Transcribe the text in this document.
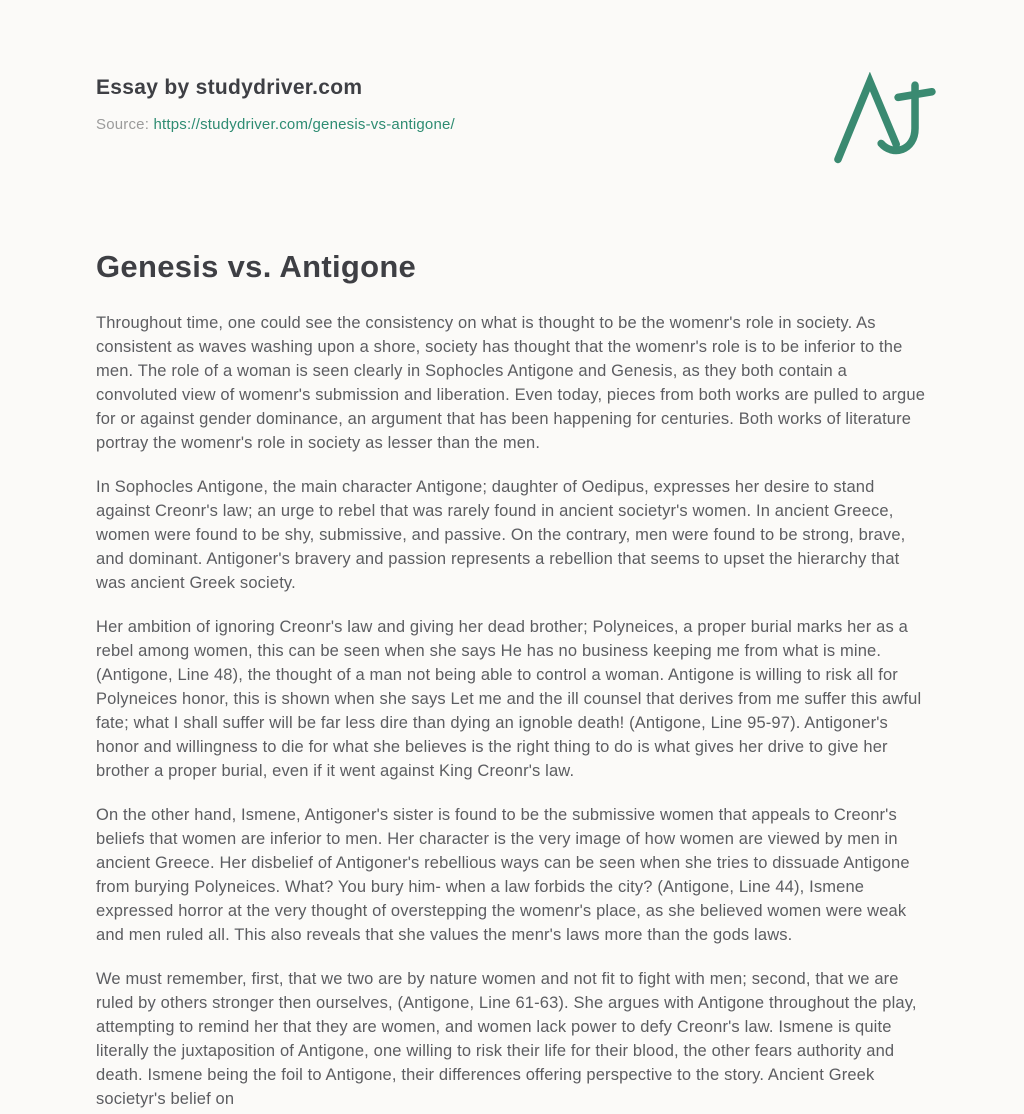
Essay by studydriver.com
Source: https://studydriver.com/genesis-vs-antigone/
Genesis vs. Antigone

Throughout time, one could see the consistency on what is thought to be the womenr's role in society. As consistent as waves washing upon a shore, society has thought that the womenr's role is to be inferior to the men. The role of a woman is seen clearly in Sophocles Antigone and Genesis, as they both contain a convoluted view of womenr's submission and liberation. Even today, pieces from both works are pulled to argue for or against gender dominance, an argument that has been happening for centuries. Both works of literature portray the womenr's role in society as lesser than the men.

In Sophocles Antigone, the main character Antigone; daughter of Oedipus, expresses her desire to stand against Creonr's law; an urge to rebel that was rarely found in ancient societyr's women. In ancient Greece, women were found to be shy, submissive, and passive. On the contrary, men were found to be strong, brave, and dominant. Antigoner's bravery and passion represents a rebellion that seems to upset the hierarchy that was ancient Greek society.

Her ambition of ignoring Creonr's law and giving her dead brother; Polyneices, a proper burial marks her as a rebel among women, this can be seen when she says He has no business keeping me from what is mine. (Antigone, Line 48), the thought of a man not being able to control a woman. Antigone is willing to risk all for Polyneices honor, this is shown when she says Let me and the ill counsel that derives from me suffer this awful fate; what I shall suffer will be far less dire than dying an ignoble death! (Antigone, Line 95-97). Antigoner's honor and willingness to die for what she believes is the right thing to do is what gives her drive to give her brother a proper burial, even if it went against King Creonr's law.

On the other hand, Ismene, Antigoner's sister is found to be the submissive women that appeals to Creonr's beliefs that women are inferior to men. Her character is the very image of how women are viewed by men in ancient Greece. Her disbelief of Antigoner's rebellious ways can be seen when she tries to dissuade Antigone from burying Polyneices. What? You bury him- when a law forbids the city? (Antigone, Line 44), Ismene expressed horror at the very thought of overstepping the womenr's place, as she believed women were weak and men ruled all. This also reveals that she values the menr's laws more than the gods laws.

We must remember, first, that we two are by nature women and not fit to fight with men; second, that we are ruled by others stronger then ourselves, (Antigone, Line 61-63). She argues with Antigone throughout the play, attempting to remind her that they are women, and women lack power to defy Creonr's law. Ismene is quite literally the juxtaposition of Antigone, one willing to risk their life for their blood, the other fears authority and death. Ismene being the foil to Antigone, their differences offering perspective to the story. Ancient Greek societyr's belief on
